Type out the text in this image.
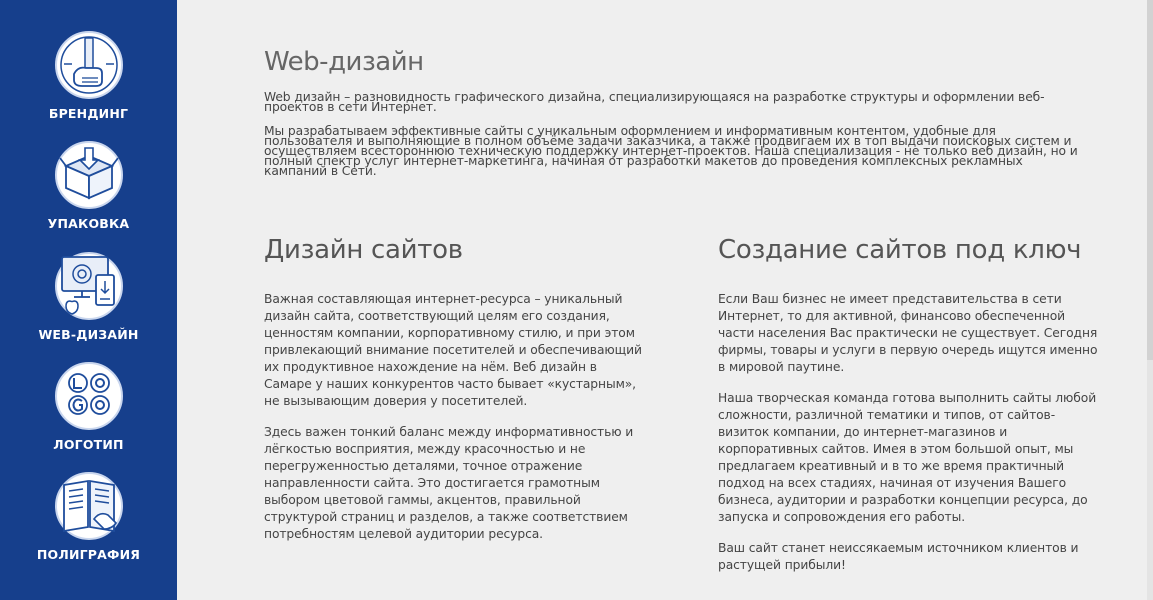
БРЕНДИНГ
УПАКОВКА
WEB-ДИЗАЙН
ЛОГОТИП
ПОЛИГРАФИЯ
Web-дизайн

Web дизайн – разновидность графического дизайна, специализирующаяся на разработке структуры и оформлении веб-проектов в сети Интернет.

Мы разрабатываем эффективные сайты с уникальным оформлением и информативным контентом, удобные для пользователя и выполняющие в полном объёме задачи заказчика, а также продвигаем их в топ выдачи поисковых систем и осуществляем всестороннюю техническую поддержку интернет-проектов. Наша специализация - не только веб дизайн, но и полный спектр услуг интернет-маркетинга, начиная от разработки макетов до проведения комплексных рекламных кампаний в Сети.

Дизайн сайтов

Важная составляющая интернет-ресурса – уникальный дизайн сайта, соответствующий целям его создания, ценностям компании, корпоративному стилю, и при этом привлекающий внимание посетителей и обеспечивающий их продуктивное нахождение на нём. Веб дизайн в Самаре у наших конкурентов часто бывает «кустарным», не вызывающим доверия у посетителей.

Здесь важен тонкий баланс между информативностью и лёгкостью восприятия, между красочностью и не перегруженностью деталями, точное отражение направленности сайта. Это достигается грамотным выбором цветовой гаммы, акцентов, правильной структурой страниц и разделов, а также соответствием потребностям целевой аудитории ресурса.

Создание сайтов под ключ

Если Ваш бизнес не имеет представительства в сети Интернет, то для активной, финансово обеспеченной части населения Вас практически не существует. Сегодня фирмы, товары и услуги в первую очередь ищутся именно в мировой паутине.

Наша творческая команда готова выполнить сайты любой сложности, различной тематики и типов, от сайтов-визиток компании, до интернет-магазинов и корпоративных сайтов. Имея в этом большой опыт, мы предлагаем креативный и в то же время практичный подход на всех стадиях, начиная от изучения Вашего бизнеса, аудитории и разработки концепции ресурса, до запуска и сопровождения его работы.

Ваш сайт станет неиссякаемым источником клиентов и растущей прибыли!
